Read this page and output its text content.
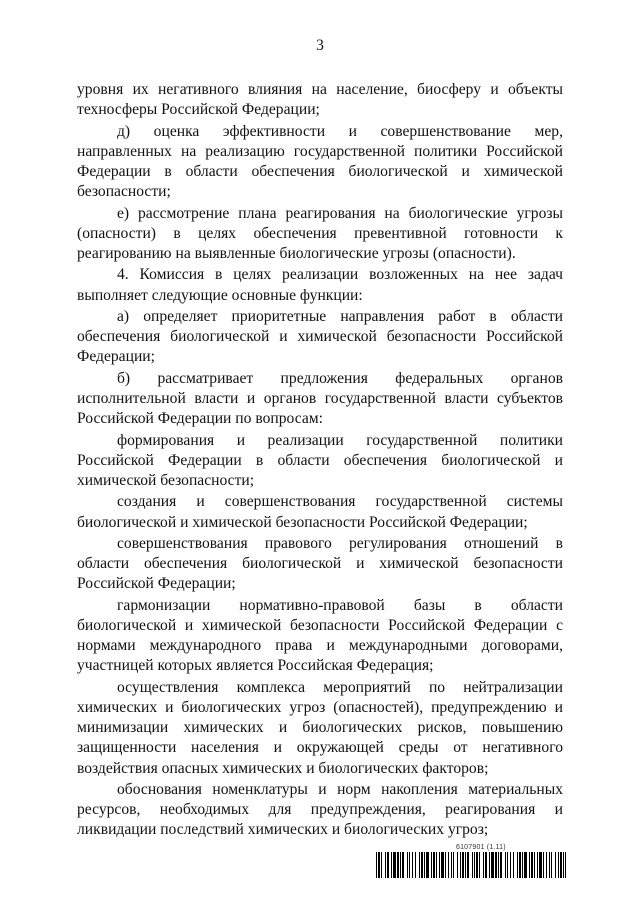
3

уровня их негативного влияния на население, биосферу и объекты техносферы Российской Федерации;

д) оценка эффективности и совершенствование мер, направленных на реализацию государственной политики Российской Федерации в области обеспечения биологической и химической безопасности;

е) рассмотрение плана реагирования на биологические угрозы (опасности) в целях обеспечения превентивной готовности к реагированию на выявленные биологические угрозы (опасности).

4. Комиссия в целях реализации возложенных на нее задач выполняет следующие основные функции:

а) определяет приоритетные направления работ в области обеспечения биологической и химической безопасности Российской Федерации;

б) рассматривает предложения федеральных органов исполнительной власти и органов государственной власти субъектов Российской Федерации по вопросам:

формирования и реализации государственной политики Российской Федерации в области обеспечения биологической и химической безопасности;

создания и совершенствования государственной системы биологической и химической безопасности Российской Федерации;

совершенствования правового регулирования отношений в области обеспечения биологической и химической безопасности Российской Федерации;

гармонизации нормативно-правовой базы в области биологической и химической безопасности Российской Федерации с нормами международного права и международными договорами, участницей которых является Российская Федерация;

осуществления комплекса мероприятий по нейтрализации химических и биологических угроз (опасностей), предупреждению и минимизации химических и биологических рисков, повышению защищенности населения и окружающей среды от негативного воздействия опасных химических и биологических факторов;

обоснования номенклатуры и норм накопления материальных ресурсов, необходимых для предупреждения, реагирования и ликвидации последствий химических и биологических угроз;

6107901 (1.11)
